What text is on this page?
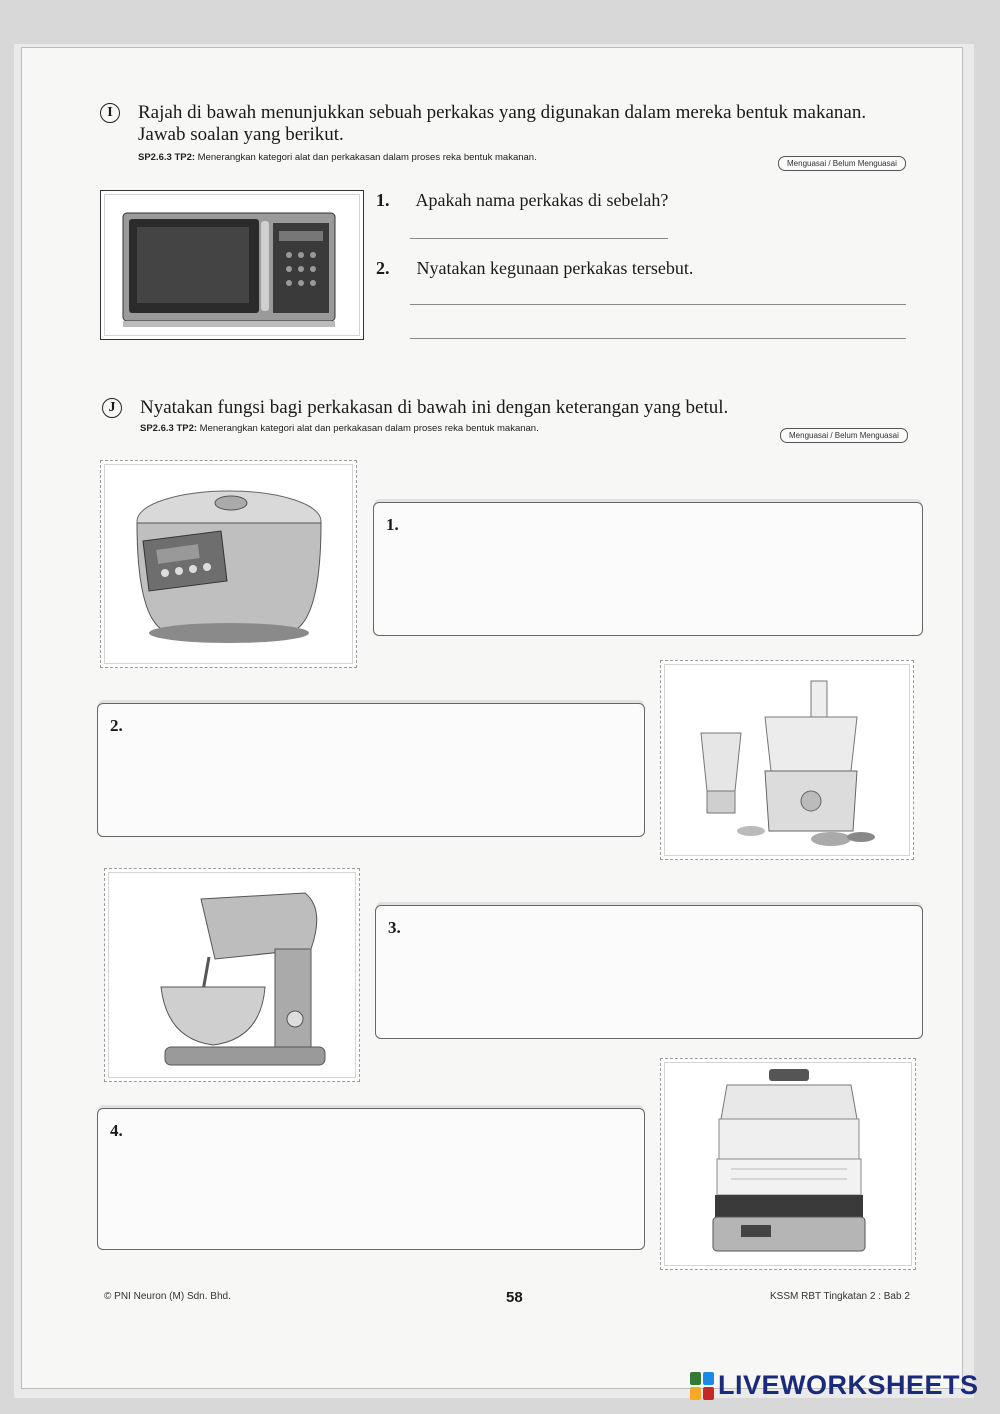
I	Rajah di bawah menunjukkan sebuah perkakas yang digunakan dalam mereka bentuk makanan.
Jawab soalan yang berikut.
SP2.6.3 TP2: Menerangkan kategori alat dan perkakasan dalam proses reka bentuk makanan.
Menguasai / Belum Menguasai
1. Apakah nama perkakas di sebelah?
2. Nyatakan kegunaan perkakas tersebut.
J	Nyatakan fungsi bagi perkakasan di bawah ini dengan keterangan yang betul.
SP2.6.3 TP2: Menerangkan kategori alat dan perkakasan dalam proses reka bentuk makanan.
Menguasai / Belum Menguasai
1.
2.
3.
4.
© PNI Neuron (M) Sdn. Bhd.	58	KSSM RBT Tingkatan 2 : Bab 2
LIVEWORKSHEETS
